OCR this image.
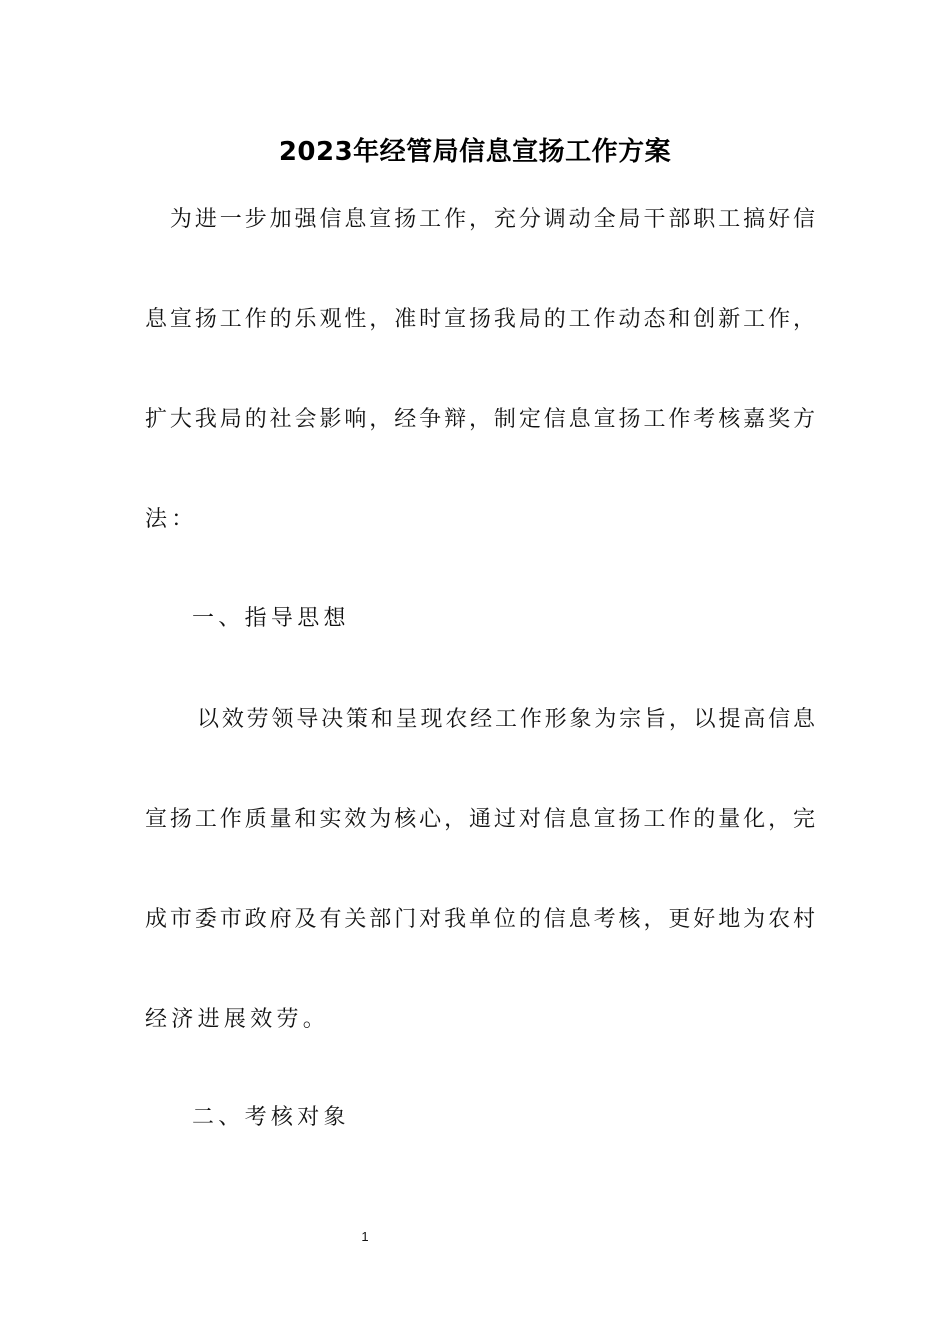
2023年经管局信息宣扬工作方案
为进一步加强信息宣扬工作，充分调动全局干部职工搞好信
息宣扬工作的乐观性，准时宣扬我局的工作动态和创新工作，
扩大我局的社会影响，经争辩，制定信息宣扬工作考核嘉奖方
法：
一、指导思想
以效劳领导决策和呈现农经工作形象为宗旨，以提高信息
宣扬工作质量和实效为核心，通过对信息宣扬工作的量化，完
成市委市政府及有关部门对我单位的信息考核，更好地为农村
经济进展效劳。
二、考核对象
1
